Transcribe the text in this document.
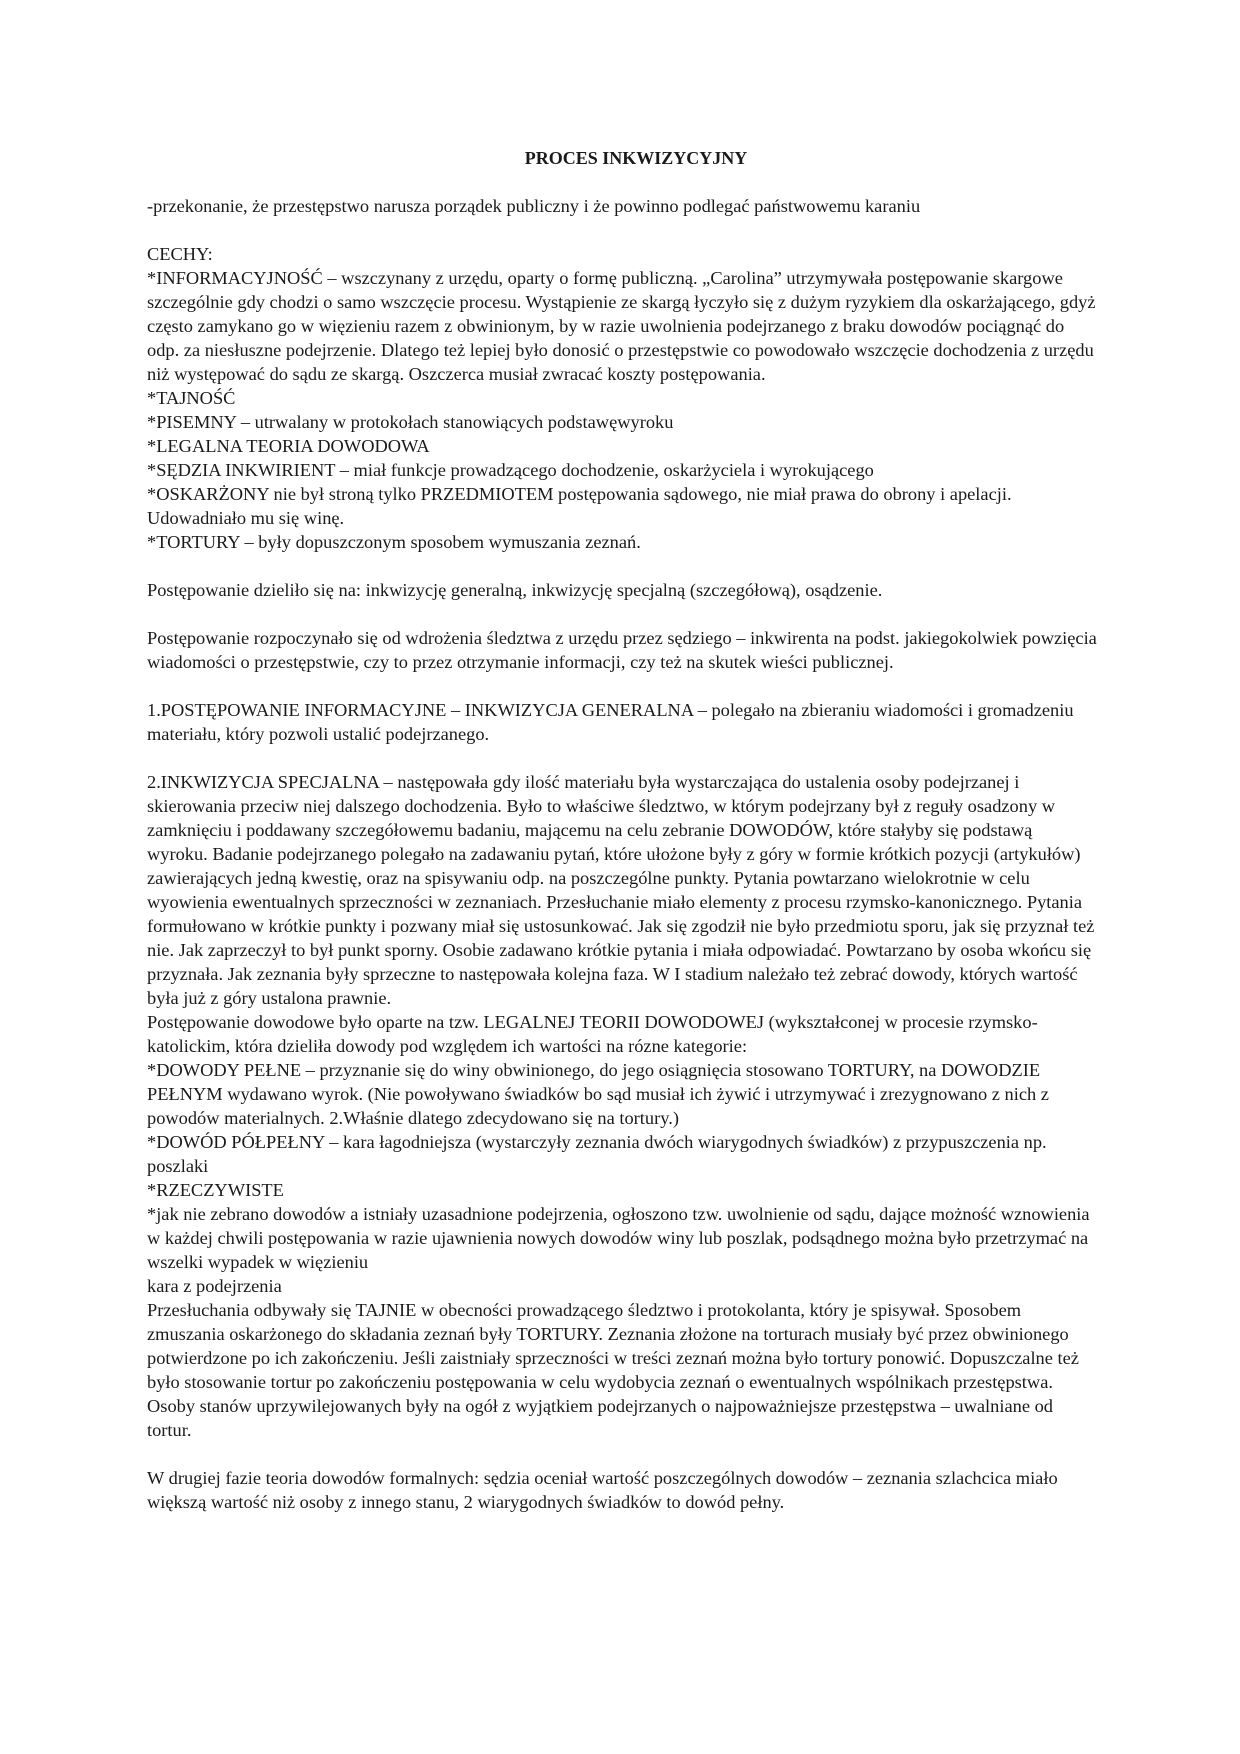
PROCES INKWIZYCYJNY

-przekonanie, że przestępstwo narusza porządek publiczny i że powinno podlegać państwowemu karaniu

CECHY:

*INFORMACYJNOŚĆ – wszczynany z urzędu, oparty o formę publiczną. „Carolina” utrzymywała postępowanie skargowe szczególnie gdy chodzi o samo wszczęcie procesu. Wystąpienie ze skargą łyczyło się z dużym ryzykiem dla oskarżającego, gdyż często zamykano go w więzieniu razem z obwinionym, by w razie uwolnienia podejrzanego z braku dowodów pociągnąć do odp. za niesłuszne podejrzenie. Dlatego też lepiej było donosić o przestępstwie co powodowało wszczęcie dochodzenia z urzędu niż występować do sądu ze skargą. Oszczerca musiał zwracać koszty postępowania.

*TAJNOŚĆ

*PISEMNY – utrwalany w protokołach stanowiących podstawęwyroku

*LEGALNA TEORIA DOWODOWA

*SĘDZIA INKWIRIENT – miał funkcje prowadzącego dochodzenie, oskarżyciela i wyrokującego

*OSKARŻONY nie był stroną tylko PRZEDMIOTEM postępowania sądowego, nie miał prawa do obrony i apelacji. Udowadniało mu się winę.

*TORTURY – były dopuszczonym sposobem wymuszania zeznań.

Postępowanie dzieliło się na: inkwizycję generalną, inkwizycję specjalną (szczegółową), osądzenie.

Postępowanie rozpoczynało się od wdrożenia śledztwa z urzędu przez sędziego – inkwirenta na podst. jakiegokolwiek powzięcia wiadomości o przestępstwie, czy to przez otrzymanie informacji, czy też na skutek wieści publicznej.

1.POSTĘPOWANIE INFORMACYJNE – INKWIZYCJA GENERALNA – polegało na zbieraniu wiadomości i gromadzeniu materiału, który pozwoli ustalić podejrzanego.

2.INKWIZYCJA SPECJALNA – następowała gdy ilość materiału była wystarczająca do ustalenia osoby podejrzanej i skierowania przeciw niej dalszego dochodzenia. Było to właściwe śledztwo, w którym podejrzany był z reguły osadzony w zamknięciu i poddawany szczegółowemu badaniu, mającemu na celu zebranie DOWODÓW, które stałyby się podstawą wyroku. Badanie podejrzanego polegało na zadawaniu pytań, które ułożone były z góry w formie krótkich pozycji (artykułów) zawierających jedną kwestię, oraz na spisywaniu odp. na poszczególne punkty. Pytania powtarzano wielokrotnie w celu wyowienia ewentualnych sprzeczności w zeznaniach. Przesłuchanie miało elementy z procesu rzymsko-kanonicznego. Pytania formułowano w krótkie punkty i pozwany miał się ustosunkować. Jak się zgodził nie było przedmiotu sporu, jak się przyznał też nie. Jak zaprzeczył to był punkt sporny. Osobie zadawano krótkie pytania i miała odpowiadać. Powtarzano by osoba wkońcu się przyznała. Jak zeznania były sprzeczne to następowała kolejna faza. W I stadium należało też zebrać dowody, których wartość była już z góry ustalona prawnie.

Postępowanie dowodowe było oparte na tzw. LEGALNEJ TEORII DOWODOWEJ (wykształconej w procesie rzymsko-katolickim, która dzieliła dowody pod względem ich wartości na rózne kategorie:

*DOWODY PEŁNE – przyznanie się do winy obwinionego, do jego osiągnięcia stosowano TORTURY, na DOWODZIE PEŁNYM wydawano wyrok. (Nie powoływano świadków bo sąd musiał ich żywić i utrzymywać i zrezygnowano z nich z powodów materialnych. 2.Właśnie dlatego zdecydowano się na tortury.)

*DOWÓD PÓŁPEŁNY – kara łagodniejsza (wystarczyły zeznania dwóch wiarygodnych świadków) z przypuszczenia np. poszlaki

*RZECZYWISTE

*jak nie zebrano dowodów a istniały uzasadnione podejrzenia, ogłoszono tzw. uwolnienie od sądu, dające możność wznowienia w każdej chwili postępowania w razie ujawnienia nowych dowodów winy lub poszlak, podsądnego można było przetrzymać na wszelki wypadek w więzieniu

kara z podejrzenia

Przesłuchania odbywały się TAJNIE w obecności prowadzącego śledztwo i protokolanta, który je spisywał. Sposobem zmuszania oskarżonego do składania zeznań były TORTURY. Zeznania złożone na torturach musiały być przez obwinionego potwierdzone po ich zakończeniu. Jeśli zaistniały sprzeczności w treści zeznań można było tortury ponowić. Dopuszczalne też było stosowanie tortur po zakończeniu postępowania w celu wydobycia zeznań o ewentualnych wspólnikach przestępstwa. Osoby stanów uprzywilejowanych były na ogół z wyjątkiem podejrzanych o najpoważniejsze przestępstwa – uwalniane od tortur.

W drugiej fazie teoria dowodów formalnych: sędzia oceniał wartość poszczególnych dowodów – zeznania szlachcica miało większą wartość niż osoby z innego stanu, 2 wiarygodnych świadków to dowód pełny.
